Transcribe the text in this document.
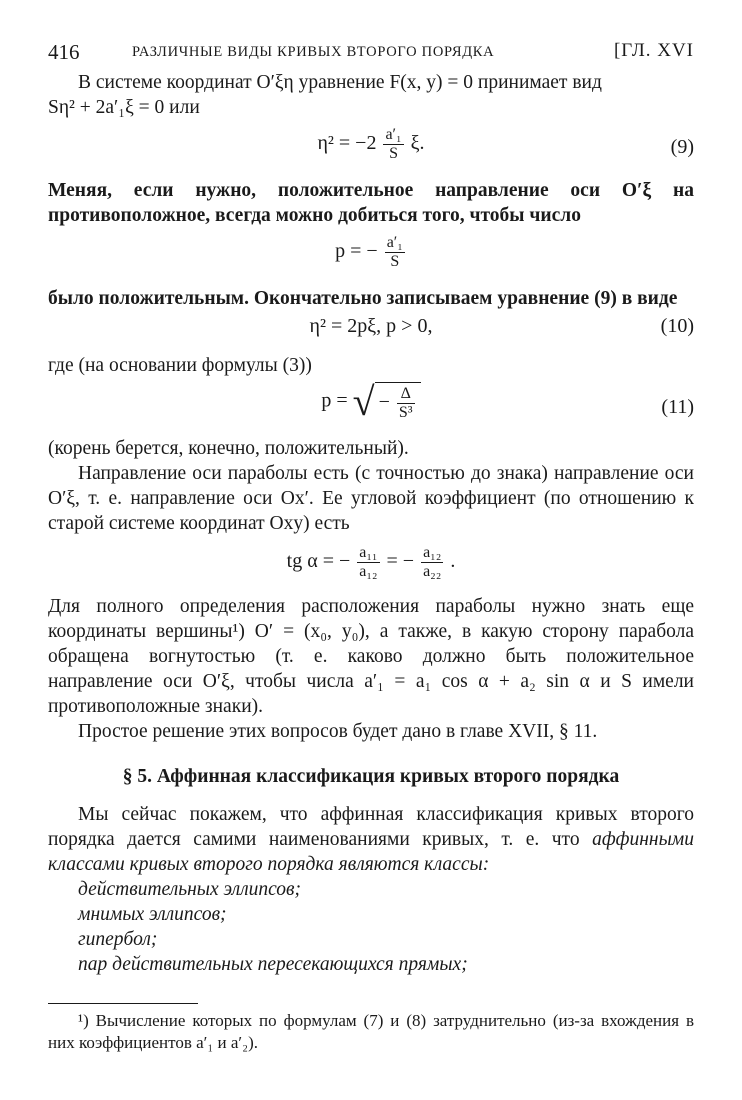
416	РАЗЛИЧНЫЕ ВИДЫ КРИВЫХ ВТОРОГО ПОРЯДКА	[ГЛ. XVI

В системе координат O′ξη уравнение F(x, y) = 0 принимает вид

Sη² + 2a′₁ξ = 0 или

$\eta^2 = -2 \frac{\text{a′₁}}{S} \xi$.	(9)

Меняя, если нужно, положительное направление оси O′ξ на противоположное, всегда можно добиться того, чтобы число

p = − $\frac{\text{a′₁}}{S}$

было положительным. Окончательно записываем уравнение (9) в виде

η² = 2pξ, p > 0,	(10)

где (на основании формулы (3))

p = √ − $\frac{\Delta}{\text{S³}}$	(11)

(корень берется, конечно, положительный).

Направление оси параболы есть (с точностью до знака) направление оси O′ξ, т. е. направление оси Ox′. Ее угловой коэффициент (по отношению к старой системе координат Oxy) есть

tg α = − $\frac{\text{a₁₁}}{\text{a₁₂}}$ = − $\frac{\text{a₁₂}}{\text{a₂₂}}$ .

Для полного определения расположения параболы нужно знать еще координаты вершины¹) O′ = (x₀, y₀), а также, в какую сторону парабола обращена вогнутостью (т. е. каково должно быть положительное направление оси O′ξ, чтобы числа a′₁ = a₁ cos α + a₂ sin α и S имели противоположные знаки).

Простое решение этих вопросов будет дано в главе XVII, § 11.

§ 5. Аффинная классификация кривых второго порядка

Мы сейчас покажем, что аффинная классификация кривых второго порядка дается самими наименованиями кривых, т. е. что аффинными классами кривых второго порядка являются классы:

действительных эллипсов;

мнимых эллипсов;

гипербол;

пар действительных пересекающихся прямых;

¹) Вычисление которых по формулам (7) и (8) затруднительно (из-за вхождения в них коэффициентов a′₁ и a′₂).
